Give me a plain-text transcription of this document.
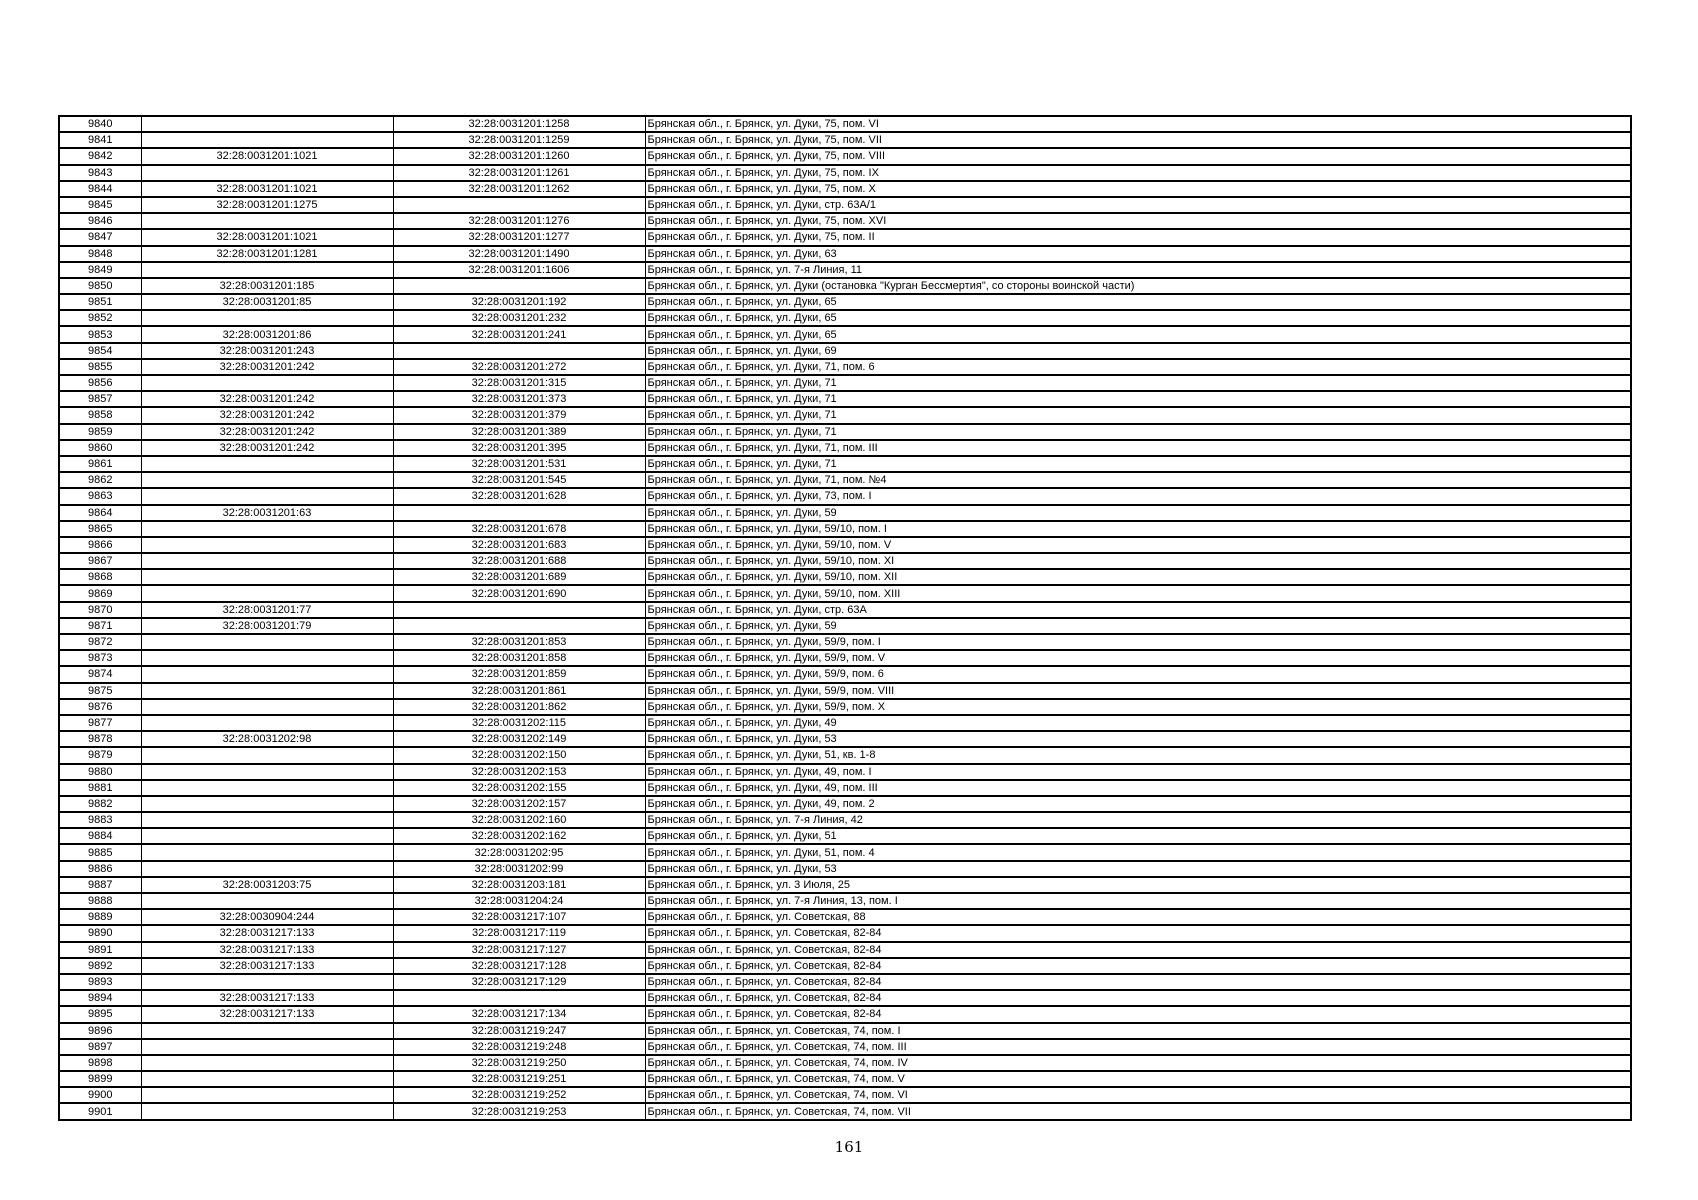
9840		32:28:0031201:1258	Брянская обл., г. Брянск, ул. Дуки, 75, пом. VI
9841		32:28:0031201:1259	Брянская обл., г. Брянск, ул. Дуки, 75, пом. VII
9842	32:28:0031201:1021	32:28:0031201:1260	Брянская обл., г. Брянск, ул. Дуки, 75, пом. VIII
9843		32:28:0031201:1261	Брянская обл., г. Брянск, ул. Дуки, 75, пом. IX
9844	32:28:0031201:1021	32:28:0031201:1262	Брянская обл., г. Брянск, ул. Дуки, 75, пом. X
9845	32:28:0031201:1275		Брянская обл., г. Брянск, ул. Дуки, стр. 63А/1
9846		32:28:0031201:1276	Брянская обл., г. Брянск, ул. Дуки, 75, пом. XVI
9847	32:28:0031201:1021	32:28:0031201:1277	Брянская обл., г. Брянск, ул. Дуки, 75, пом. II
9848	32:28:0031201:1281	32:28:0031201:1490	Брянская обл., г. Брянск, ул. Дуки, 63
9849		32:28:0031201:1606	Брянская обл., г. Брянск, ул. 7-я Линия, 11
9850	32:28:0031201:185		Брянская обл., г. Брянск, ул. Дуки (остановка "Курган Бессмертия", со стороны воинской части)
9851	32:28:0031201:85	32:28:0031201:192	Брянская обл., г. Брянск, ул. Дуки, 65
9852		32:28:0031201:232	Брянская обл., г. Брянск, ул. Дуки, 65
9853	32:28:0031201:86	32:28:0031201:241	Брянская обл., г. Брянск, ул. Дуки, 65
9854	32:28:0031201:243		Брянская обл., г. Брянск, ул. Дуки, 69
9855	32:28:0031201:242	32:28:0031201:272	Брянская обл., г. Брянск, ул. Дуки, 71, пом. 6
9856		32:28:0031201:315	Брянская обл., г. Брянск, ул. Дуки, 71
9857	32:28:0031201:242	32:28:0031201:373	Брянская обл., г. Брянск, ул. Дуки, 71
9858	32:28:0031201:242	32:28:0031201:379	Брянская обл., г. Брянск, ул. Дуки, 71
9859	32:28:0031201:242	32:28:0031201:389	Брянская обл., г. Брянск, ул. Дуки, 71
9860	32:28:0031201:242	32:28:0031201:395	Брянская обл., г. Брянск, ул. Дуки, 71, пом. III
9861		32:28:0031201:531	Брянская обл., г. Брянск, ул. Дуки, 71
9862		32:28:0031201:545	Брянская обл., г. Брянск, ул. Дуки, 71, пом. №4
9863		32:28:0031201:628	Брянская обл., г. Брянск, ул. Дуки, 73, пом. I
9864	32:28:0031201:63		Брянская обл., г. Брянск, ул. Дуки, 59
9865		32:28:0031201:678	Брянская обл., г. Брянск, ул. Дуки, 59/10, пом. I
9866		32:28:0031201:683	Брянская обл., г. Брянск, ул. Дуки, 59/10, пом. V
9867		32:28:0031201:688	Брянская обл., г. Брянск, ул. Дуки, 59/10, пом. XI
9868		32:28:0031201:689	Брянская обл., г. Брянск, ул. Дуки, 59/10, пом. XII
9869		32:28:0031201:690	Брянская обл., г. Брянск, ул. Дуки, 59/10, пом. XIII
9870	32:28:0031201:77		Брянская обл., г. Брянск, ул. Дуки, стр. 63А
9871	32:28:0031201:79		Брянская обл., г. Брянск, ул. Дуки, 59
9872		32:28:0031201:853	Брянская обл., г. Брянск, ул. Дуки, 59/9, пом. I
9873		32:28:0031201:858	Брянская обл., г. Брянск, ул. Дуки, 59/9, пом. V
9874		32:28:0031201:859	Брянская обл., г. Брянск, ул. Дуки, 59/9, пом. 6
9875		32:28:0031201:861	Брянская обл., г. Брянск, ул. Дуки, 59/9, пом. VIII
9876		32:28:0031201:862	Брянская обл., г. Брянск, ул. Дуки, 59/9, пом. X
9877		32:28:0031202:115	Брянская обл., г. Брянск, ул. Дуки, 49
9878	32:28:0031202:98	32:28:0031202:149	Брянская обл., г. Брянск, ул. Дуки, 53
9879		32:28:0031202:150	Брянская обл., г. Брянск, ул. Дуки, 51, кв. 1-8
9880		32:28:0031202:153	Брянская обл., г. Брянск, ул. Дуки, 49, пом. I
9881		32:28:0031202:155	Брянская обл., г. Брянск, ул. Дуки, 49, пом. III
9882		32:28:0031202:157	Брянская обл., г. Брянск, ул. Дуки, 49, пом. 2
9883		32:28:0031202:160	Брянская обл., г. Брянск, ул. 7-я Линия, 42
9884		32:28:0031202:162	Брянская обл., г. Брянск, ул. Дуки, 51
9885		32:28:0031202:95	Брянская обл., г. Брянск, ул. Дуки, 51, пом. 4
9886		32:28:0031202:99	Брянская обл., г. Брянск, ул. Дуки, 53
9887	32:28:0031203:75	32:28:0031203:181	Брянская обл., г. Брянск, ул. 3 Июля, 25
9888		32:28:0031204:24	Брянская обл., г. Брянск, ул. 7-я Линия, 13, пом. I
9889	32:28:0030904:244	32:28:0031217:107	Брянская обл., г. Брянск, ул. Советская, 88
9890	32:28:0031217:133	32:28:0031217:119	Брянская обл., г. Брянск, ул. Советская, 82-84
9891	32:28:0031217:133	32:28:0031217:127	Брянская обл., г. Брянск, ул. Советская, 82-84
9892	32:28:0031217:133	32:28:0031217:128	Брянская обл., г. Брянск, ул. Советская, 82-84
9893		32:28:0031217:129	Брянская обл., г. Брянск, ул. Советская, 82-84
9894	32:28:0031217:133		Брянская обл., г. Брянск, ул. Советская, 82-84
9895	32:28:0031217:133	32:28:0031217:134	Брянская обл., г. Брянск, ул. Советская, 82-84
9896		32:28:0031219:247	Брянская обл., г. Брянск, ул. Советская, 74, пом. I
9897		32:28:0031219:248	Брянская обл., г. Брянск, ул. Советская, 74, пом. III
9898		32:28:0031219:250	Брянская обл., г. Брянск, ул. Советская, 74, пом. IV
9899		32:28:0031219:251	Брянская обл., г. Брянск, ул. Советская, 74, пом. V
9900		32:28:0031219:252	Брянская обл., г. Брянск, ул. Советская, 74, пом. VI
9901		32:28:0031219:253	Брянская обл., г. Брянск, ул. Советская, 74, пом. VII
161
